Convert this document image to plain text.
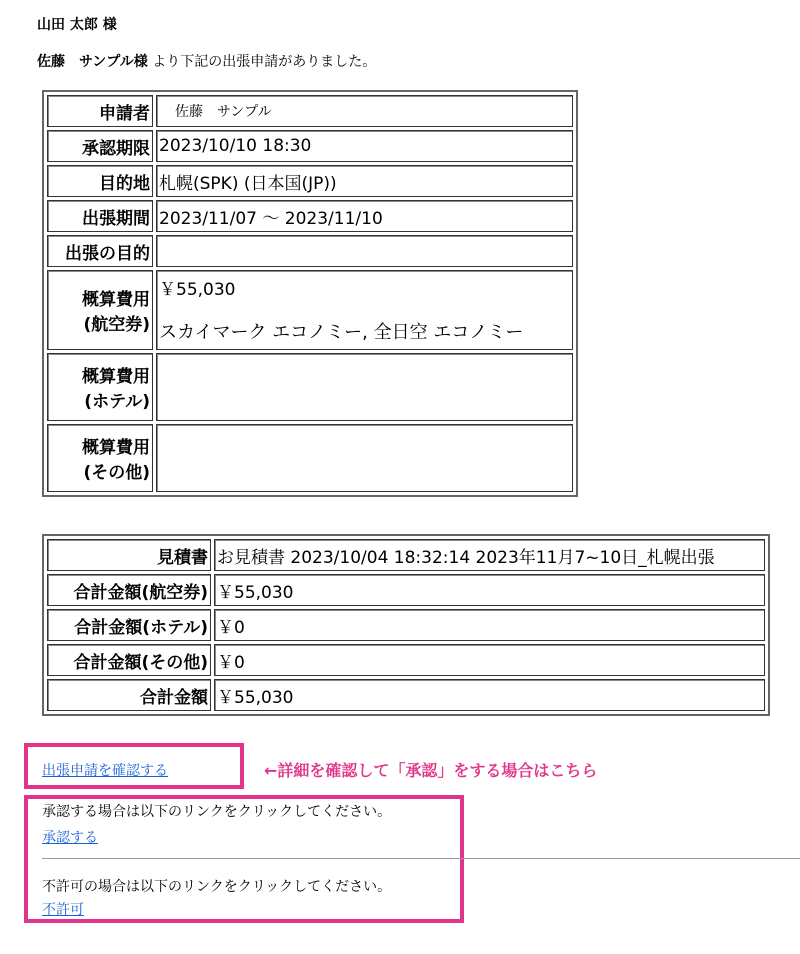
山田 太郎 様
佐藤　サンプル様 より下記の出張申請がありました。
申請者	佐藤　サンプル
承認期限	2023/10/10 18:30
目的地	札幌(SPK) (日本国(JP))
出張期間	2023/11/07 ～ 2023/11/10
出張の目的	
概算費用
(航空券)	￥55,030
スカイマーク エコノミー, 全日空 エコノミー

概算費用
(ホテル)	
概算費用
(その他)	
見積書	お見積書 2023/10/04 18:32:14 2023年11月7~10日_札幌出張
合計金額(航空券)	￥55,030
合計金額(ホテル)	￥0
合計金額(その他)	￥0
合計金額	￥55,030
出張申請を確認する	←詳細を確認して「承認」をする場合はこちら
承認する場合は以下のリンクをクリックしてください。
承認する
不許可の場合は以下のリンクをクリックしてください。
不許可
